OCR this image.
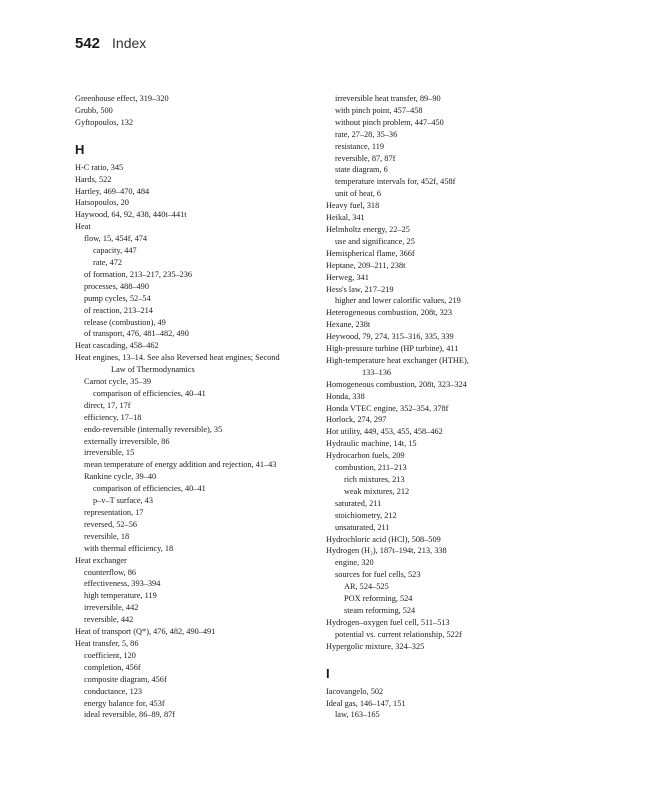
542 Index
Greenhouse effect, 319–320
Grubb, 500
Gyftopoulos, 132
H
H-C ratio, 345
Hards, 522
Hartley, 469–470, 484
Hatsopoulos, 20
Haywood, 64, 92, 438, 440t–441t
Heat
flow, 15, 454f, 474
capacity, 447
rate, 472
of formation, 213–217, 235–236
processes, 488–490
pump cycles, 52–54
of reaction, 213–214
release (combustion), 49
of transport, 476, 481–482, 490
Heat cascading, 458–462
Heat engines, 13–14. See also Reversed heat engines; Second
Law of Thermodynamics
Carnot cycle, 35–39
comparison of efficiencies, 40–41
direct, 17, 17f
efficiency, 17–18
endo-reversible (internally reversible), 35
externally irreversible, 86
irreversible, 15
mean temperature of energy addition and rejection, 41–43
Rankine cycle, 39–40
comparison of efficiencies, 40–41
p–v–T surface, 43
representation, 17
reversed, 52–56
reversible, 18
with thermal efficiency, 18
Heat exchanger
counterflow, 86
effectiveness, 393–394
high temperature, 119
irreversible, 442
reversible, 442
Heat of transport (Q*), 476, 482, 490–491
Heat transfer, 5, 86
coefficient, 120
completion, 456f
composite diagram, 456f
conductance, 123
energy balance for, 453f
ideal reversible, 86–89, 87f
irreversible heat transfer, 89–90
with pinch point, 457–458
without pinch problem, 447–450
rate, 27–28, 35–36
resistance, 119
reversible, 87, 87f
state diagram, 6
temperature intervals for, 452f, 458f
unit of heat, 6
Heavy fuel, 318
Heikal, 341
Helmholtz energy, 22–25
use and significance, 25
Hemispherical flame, 366f
Heptane, 209–211, 238t
Herweg, 341
Hess's law, 217–219
higher and lower calorific values, 219
Heterogeneous combustion, 208t, 323
Hexane, 238t
Heywood, 79, 274, 315–316, 335, 339
High-pressure turbine (HP turbine), 411
High-temperature heat exchanger (HTHE),
133–136
Homogeneous combustion, 208t, 323–324
Honda, 338
Honda VTEC engine, 352–354, 378f
Horlock, 274, 297
Hot utility, 449, 453, 455, 458–462
Hydraulic machine, 14t, 15
Hydrocarbon fuels, 209
combustion, 211–213
rich mixtures, 213
weak mixtures, 212
saturated, 211
stoichiometry, 212
unsaturated, 211
Hydrochloric acid (HCl), 508–509
Hydrogen (H₂), 187t–194t, 213, 338
engine, 320
sources for fuel cells, 523
AR, 524–525
POX reforming, 524
steam reforming, 524
Hydrogen–oxygen fuel cell, 511–513
potential vs. current relationship, 522f
Hypergolic mixture, 324–325
I
Iacovangelo, 502
Ideal gas, 146–147, 151
law, 163–165
